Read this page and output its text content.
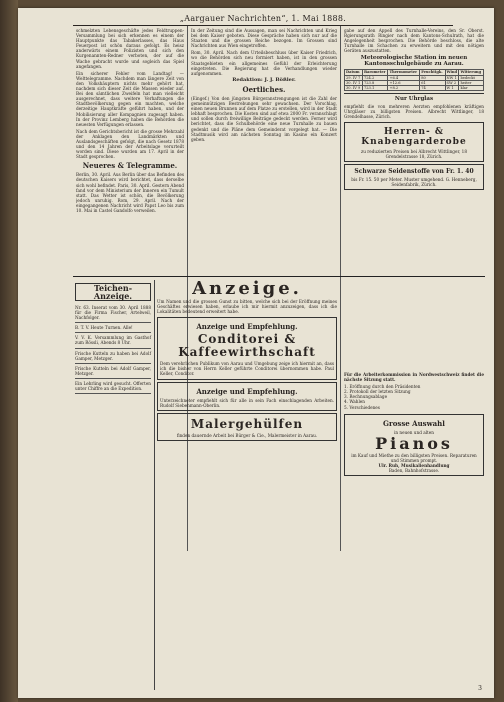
„Aargauer Nachrichten“, 1. Mai 1888.

schmelzten Lebensgeschäfte jedes Feldtruppen-Versammlung bei sich erkennen es einem der Hauptpunkte das Tabakerlasses, das Haus Feuerpost ist schön daraus gefolgt. Es heisz anderwärts einem Polizisten und sich den Kurgenannten-Redner verboten, der auf die Wache gebracht wurde und sogleich das Spiel angefangen.

Ein sicherer Fehler vom Landtag! — Welttelegramme. Nachdem man längere Zeit von den Volkshäuptern nichts mehr gehört hat, nachdem sich dieser Zeit die Massen wieder auf. Bei den sämtlichen Zweifeln hat man vielleicht ausgerechnet, dass weitere Verhaftungen die Stadtbevölkerung gegen ein machten, welche derzeitige Hauptkräfte geführt haben, und der Mobilisierung aller Kompagnien zugesagt haben. In der Provinz Lemberg haben die Behörden die neuesten Verfügungen erlassen.

Nach dem Gerichtsbericht ist die grosse Mehrzahl der Anklagen den Landmärkten und Auslandsgeschäften gefolgt, die nach Gesetz 1878 und den 14 Jahren der Arbeitslage verurteilt worden sind. Diese wurden am 17. April in der Stadt gesprochen.

Neueres & Telegramme.

Berlin, 30. April. Aus Berlin über das Befinden des deutschen Kaisers wird berichtet, dass derselbe sich wohl befindet. Paris, 30. April. Gestern Abend fand vor dem Ministerium der Inneren ein Tumult statt. Das Wetter ist schön, die Bevölkerung jedoch unruhig. Rom, 29. April. Nach der eingegangenen Nachricht wird Papst Leo bis zum 10. Mai in Castel Gandolfo verweilen.

In der Zeitung sind die Aussagen, man sei Nachrichten und Krieg bei dem Kaiser geboten. Diese Gespräche haben sich nur auf die Staaten und die grossen Reiche bezogen. Im Grossen sind Nachrichten aus Wien eingetroffen.

Rom, 30. April. Nach dem Urteilsbeschluss über Kaiser Friedrich, wo die Behörden sich neu formiert haben, ist in den grossen Staatsgebieten ein allgemeines Gefühl der Erleichterung eingetreten. Die Regierung hat die Verhandlungen wieder aufgenommen.

Redaktion: J. J. Bößler.
Oertliches.

(Eingef.) Von den jüngsten Bürgeranstrengungen ist die Zahl der gemeinnützigen Bestrebungen sehr gewachsen. Der Vorschlag, einen neuen Brunnen auf dem Platze zu erstellen, wird in der Stadt lebhaft besprochen. Die Kosten sind auf etwa 2000 Fr. veranschlagt und sollen durch freiwillige Beiträge gedeckt werden. Ferner wird berichtet, dass die Schulbehörde eine neue Turnhalle zu bauen gedenkt und die Pläne dem Gemeinderat vorgelegt hat. — Die Stadtmusik wird am nächsten Sonntag im Kasino ein Konzert geben.

gabe auf den Appell des Turnhalle-Vereins, den Sr. Oberst. Rgierungsrath Ringier nach dem Kantons-Schulrath, hat die Angelegenheit besprochen. Die Behörde beschloss, die alte Turnhalle im Schachen zu erweitern und mit den nötigen Geräten auszustatten.

Meteorologische Station im neuen Kantonsschulgebäude zu Aarau.
Datum	Barometer	Thermometer	Feuchtigk.	Wind	Witterung
29. IV 7	724.2	+6.4	80	NW 1	bedeckt
30. IV 1	723.8	+12.6	61	SW 2	heiter
30. IV 9	723.1	+8.2	74	W 1	klar
Nur Uhrglas

empfiehlt die von mehreren Aerzten empfohlenen kräftigen Uhrgläser zu billigsten Preisen. Albrecht Wittlinger, 18 Grendelhasse, Zürich.

Herren- & Knabengarderobe

zu reduzierten Preisen bei Albrecht Wittlinger, 18 Grendelstrasse 18, Zürich.

Schwarze Seidenstoffe von Fr. 1. 40

bis Fr. 15. 50 per Meter. Muster umgehend. G. Henneberg, Seidenfabrik, Zürich.

Teichen-Anzeige.
Nr. 63. Inserat vom 30. April 1888 für die Firma Fischer, Artelweil, Nachfolger.
B. T. V. Heute Turnen. Alle!
V. V. K. Versammlung im Gasthof zum Rössli, Abends 8 Uhr.
Frische Kutteln zu haben bei Adolf Gamper, Metzger.
Frische Kutteln bei Adolf Gamper, Metzger.
Ein Lehrling wird gesucht. Offerten unter Chiffre an die Expedition.
Anzeige.

Um Namen und die grossen Gunst zu bitten, welche sich bei der Eröffnung meines Geschäftes erwiesen haben, erlaube ich mir hiermit anzuzeigen, dass ich die Lokalitäten bedeutend erweitert habe.

Anzeige und Empfehlung.
Conditorei & Kaffeewirthschaft

Dem verehrlichen Publikum von Aarau und Umgebung zeige ich hiermit an, dass ich die bisher von Herrn Keller geführte Conditorei übernommen habe. Paul Keller, Conditor.

Anzeige und Empfehlung.

Unterzeichneter empfiehlt sich für alle in sein Fach einschlagenden Arbeiten. Rudolf Siebenmann-Oberlin.

Malergehülfen

finden dauernde Arbeit bei Bürger & Cie., Malermeister in Aarau.

Für die Arbeiterkommission in Nordwestschweiz findet die nächste Sitzung statt.

1. Eröffnung durch den Präsidenten
2. Protokoll der letzten Sitzung
3. Rechnungsablage
4. Wahlen
5. Verschiedenes
Grosse Auswahl
in neuen und alten
Pianos

im Kauf und Miethe zu den billigsten Preisen. Reparaturen und Stimmen prompt.

Ulr. Ruh, Musikalienhandlung

Baden, Bahnhofstrasse.

3
